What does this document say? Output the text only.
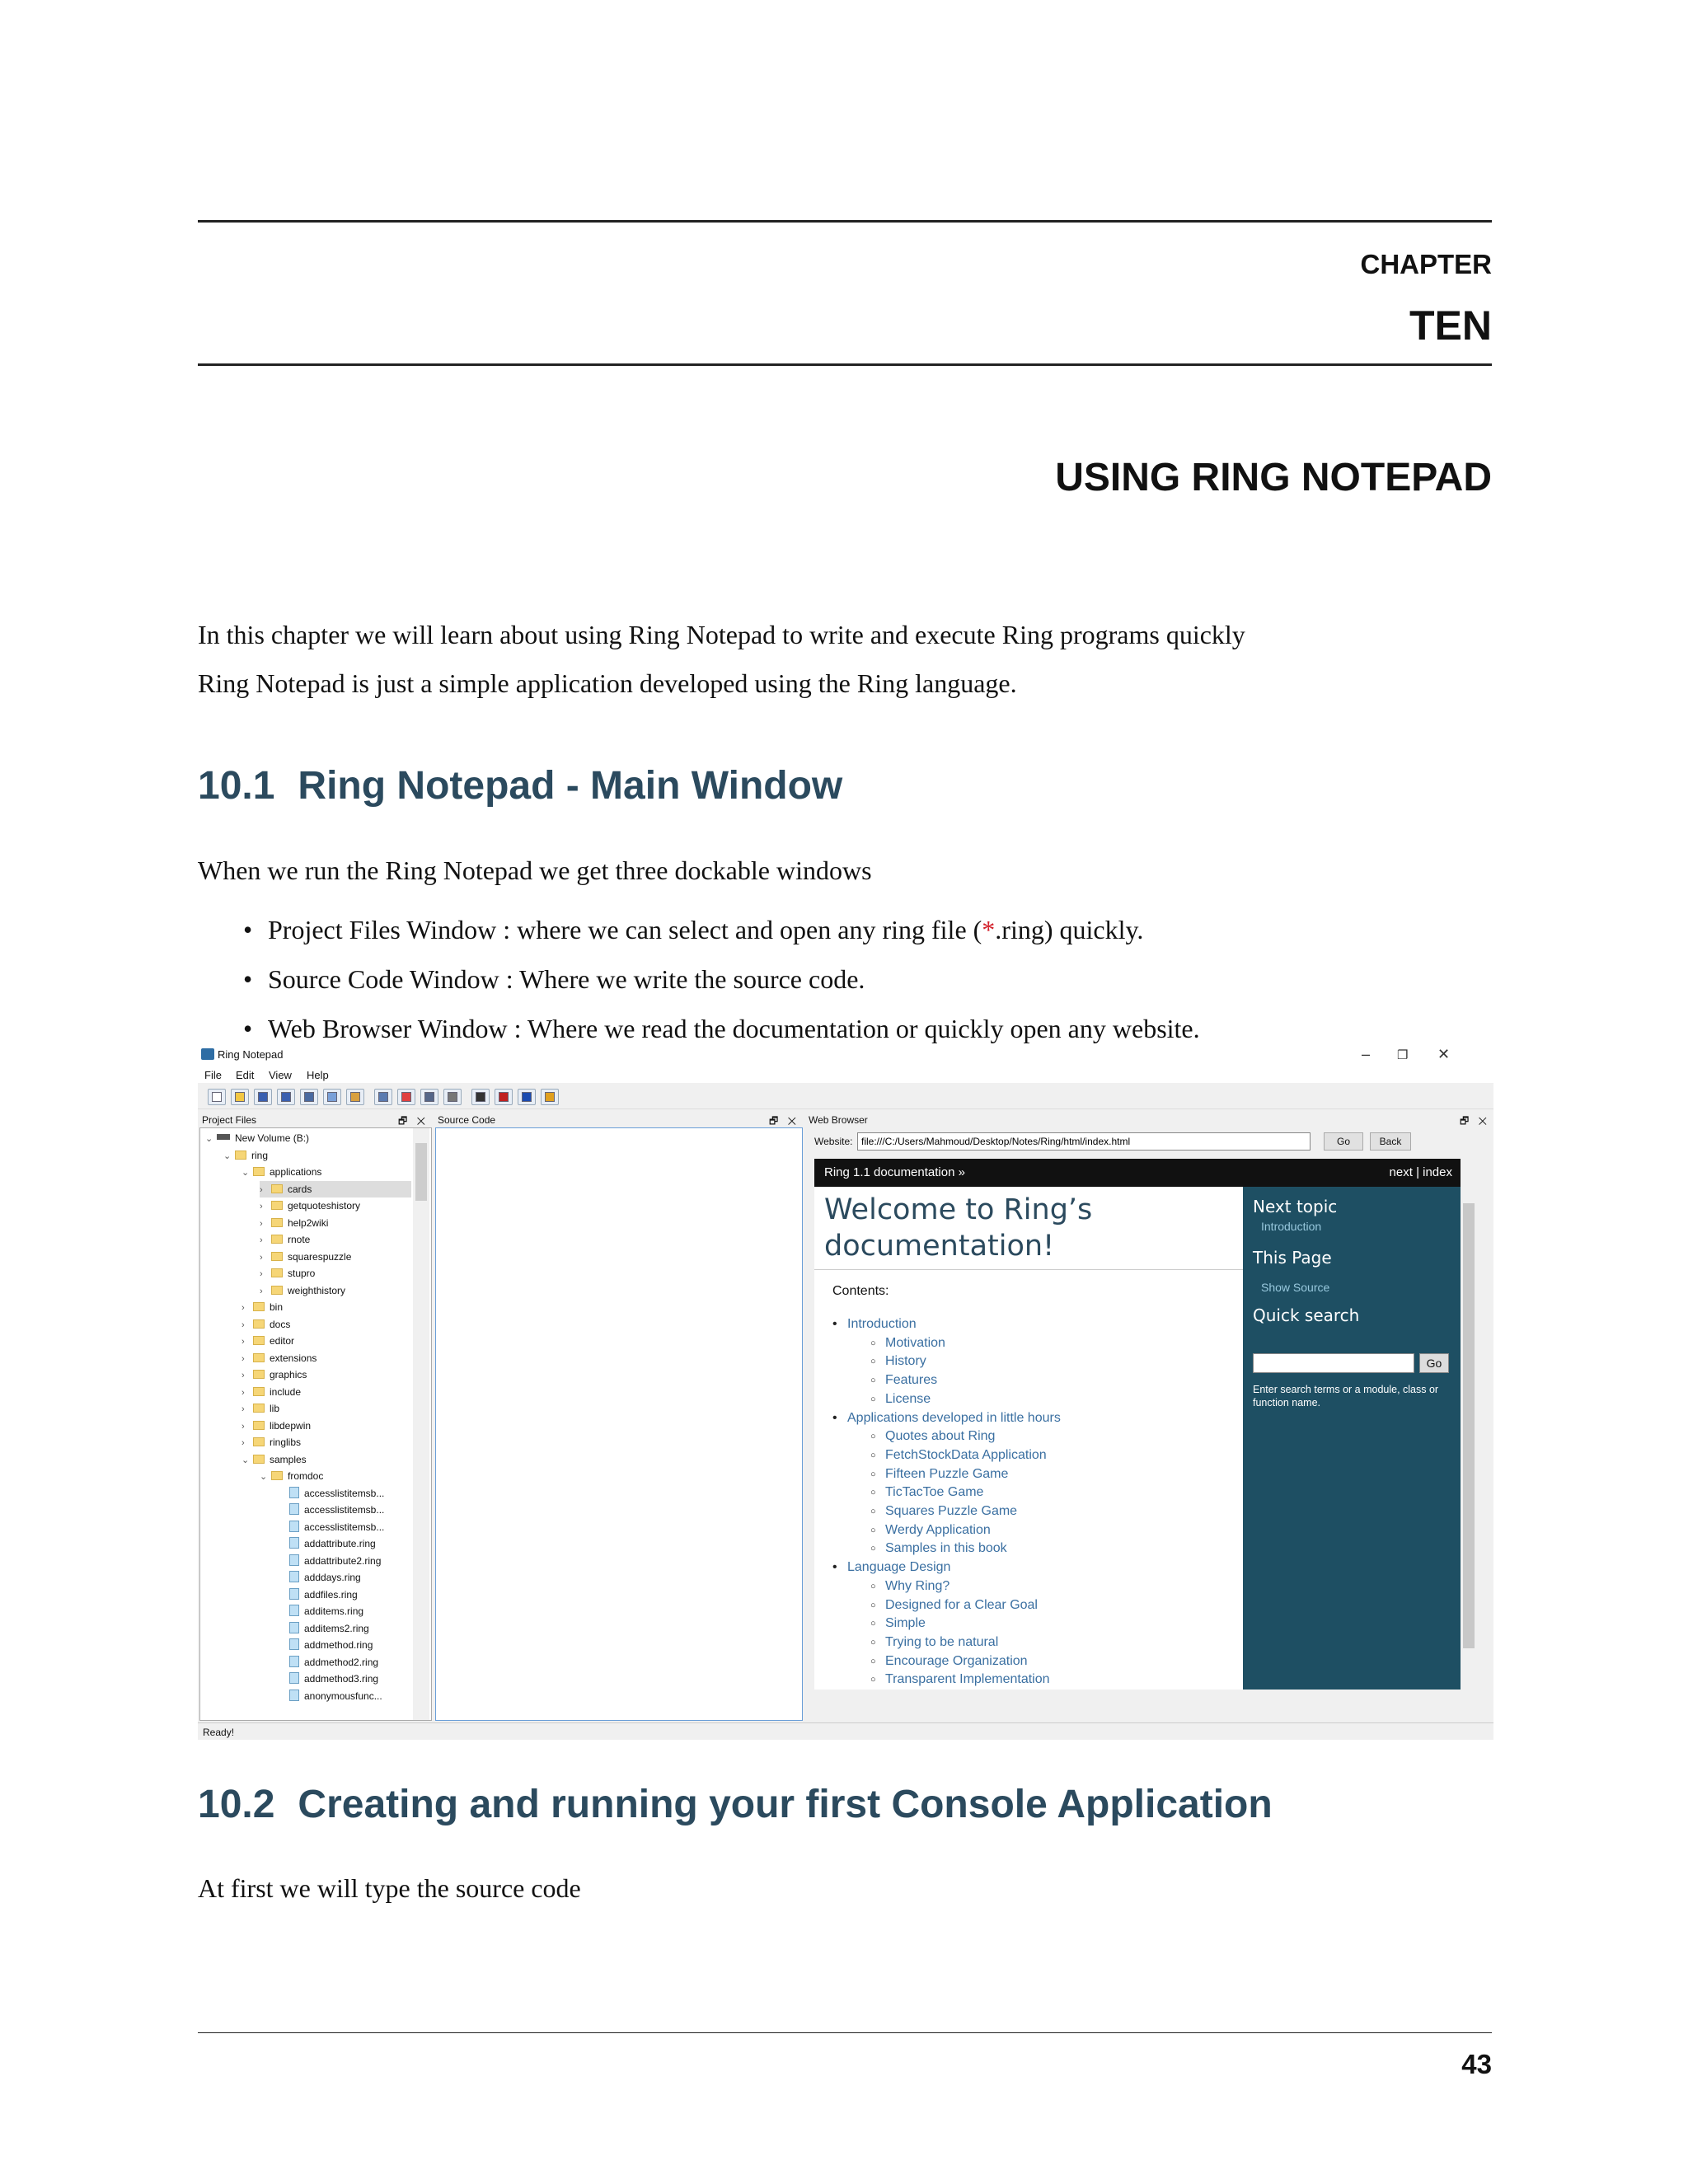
CHAPTER
TEN
USING RING NOTEPAD
In this chapter we will learn about using Ring Notepad to write and execute Ring programs quickly
Ring Notepad is just a simple application developed using the Ring language.
10.1 Ring Notepad - Main Window
When we run the Ring Notepad we get three dockable windows
• Project Files Window : where we can select and open any ring file (*.ring) quickly.
• Source Code Window : Where we write the source code.
• Web Browser Window : Where we read the documentation or quickly open any website.
Ring Notepad	– ❐ ✕
File Edit View Help
Project Files	🗗 ✕ Source Code	🗗 ✕ Web Browser	🗗 ✕
⌄ New Volume (B:)
⌄ ring
⌄ applications
›	cards
›	getquoteshistory
›	help2wiki
›	rnote
›	squarespuzzle
›	stupro
›	weighthistory
›	bin
›	docs
›	editor
›	extensions
›	graphics
›	include
›	lib
›	libdepwin
›	ringlibs
⌄ samples
⌄ fromdoc
accesslistitemsb...
accesslistitemsb...
accesslistitemsb...
addattribute.ring
addattribute2.ring
adddays.ring
addfiles.ring
additems.ring
additems2.ring
addmethod.ring
addmethod2.ring
addmethod3.ring
anonymousfunc...
Website:
file:///C:/Users/Mahmoud/Desktop/Notes/Ring/html/index.html	Go	Back
Ring 1.1 documentation »	next | index
Welcome to Ring’s
documentation!
Contents:
• Introduction
○ Motivation
○ History
○ Features
○ License
• Applications developed in little hours
○ Quotes about Ring
○ FetchStockData Application
○ Fifteen Puzzle Game
○ TicTacToe Game
○ Squares Puzzle Game
○ Werdy Application
○ Samples in this book
• Language Design
○ Why Ring?
○ Designed for a Clear Goal
○ Simple
○ Trying to be natural
○ Encourage Organization
○ Transparent Implementation
Next topic
Introduction
This Page
Show Source
Quick search
Go
Enter search terms or a module, class or function name.
Ready!
10.2 Creating and running your first Console Application
At first we will type the source code
43
